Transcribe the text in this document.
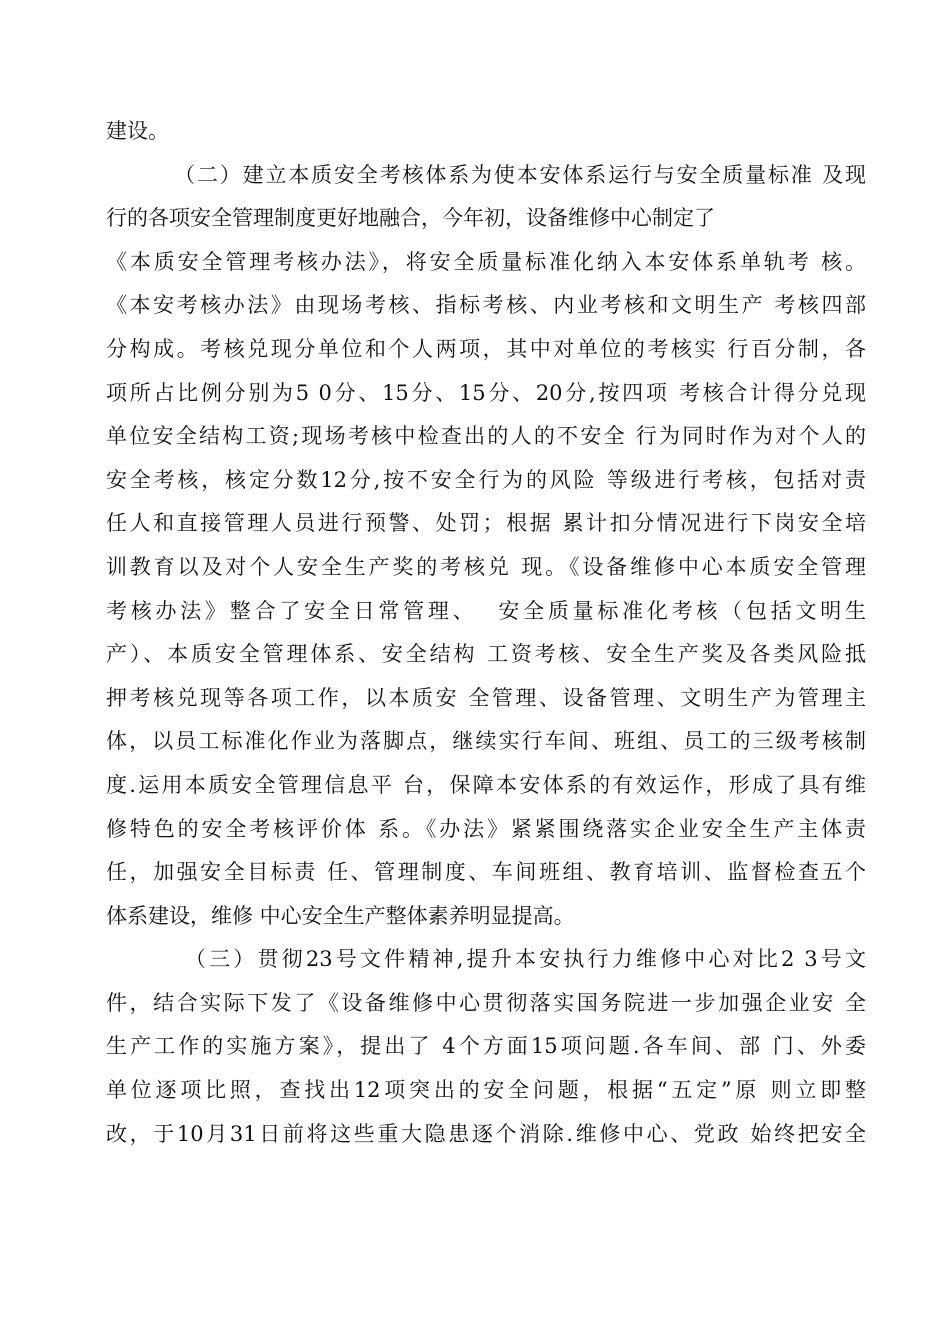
建设。
（二）建立本质安全考核体系为使本安体系运行与安全质量标准 及现
行的各项安全管理制度更好地融合，今年初，设备维修中心制定了
《本质安全管理考核办法》，将安全质量标准化纳入本安体系单轨考 核。
《本安考核办法》由现场考核、指标考核、内业考核和文明生产 考核四部
分构成。考核兑现分单位和个人两项，其中对单位的考核实 行百分制，各
项所占比例分别为5 0分、15分、15分、20分,按四项 考核合计得分兑现
单位安全结构工资;现场考核中检查出的人的不安全 行为同时作为对个人的
安全考核，核定分数12分,按不安全行为的风险 等级进行考核，包括对责
任人和直接管理人员进行预警、处罚；根据 累计扣分情况进行下岗安全培
训教育以及对个人安全生产奖的考核兑 现。《设备维修中心本质安全管理
考核办法》整合了安全日常管理、  安全质量标准化考核（包括文明生
产）、本质安全管理体系、安全结构 工资考核、安全生产奖及各类风险抵
押考核兑现等各项工作，以本质安 全管理、设备管理、文明生产为管理主
体，以员工标准化作业为落脚点，继续实行车间、班组、员工的三级考核制
度.运用本质安全管理信息平 台，保障本安体系的有效运作，形成了具有维
修特色的安全考核评价体 系。《办法》紧紧围绕落实企业安全生产主体责
任，加强安全目标责 任、管理制度、车间班组、教育培训、监督检查五个
体系建设，维修 中心安全生产整体素养明显提高。
（三）贯彻23号文件精神,提升本安执行力维修中心对比2 3号文
件，结合实际下发了《设备维修中心贯彻落实国务院进一步加强企业安 全
生产工作的实施方案》，提出了 4个方面15项问题.各车间、部 门、外委
单位逐项比照，查找出12项突出的安全问题，根据“五定”原 则立即整
改，于10月31日前将这些重大隐患逐个消除.维修中心、党政 始终把安全
